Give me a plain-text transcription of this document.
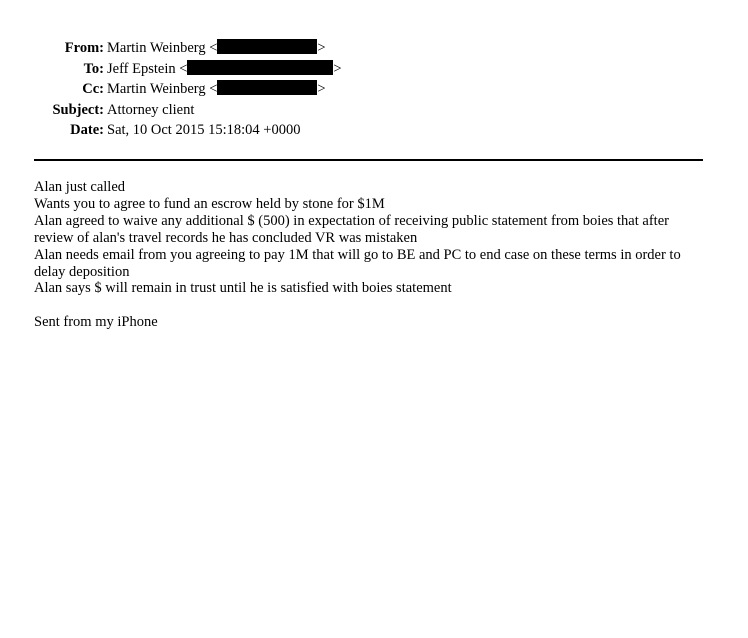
From: Martin Weinberg <	>
To: Jeff Epstein <	>
Cc: Martin Weinberg <	>
Subject: Attorney client
Date: Sat, 10 Oct 2015 15:18:04 +0000

Alan just called

Wants you to agree to fund an escrow held by stone for $1M

Alan agreed to waive any additional $ (500) in expectation of receiving public statement from boies that after review of alan's travel records he has concluded VR was mistaken

Alan needs email from you agreeing to pay 1M that will go to BE and PC to end case on these terms in order to delay deposition

Alan says $ will remain in trust until he is satisfied with boies statement

Sent from my iPhone
